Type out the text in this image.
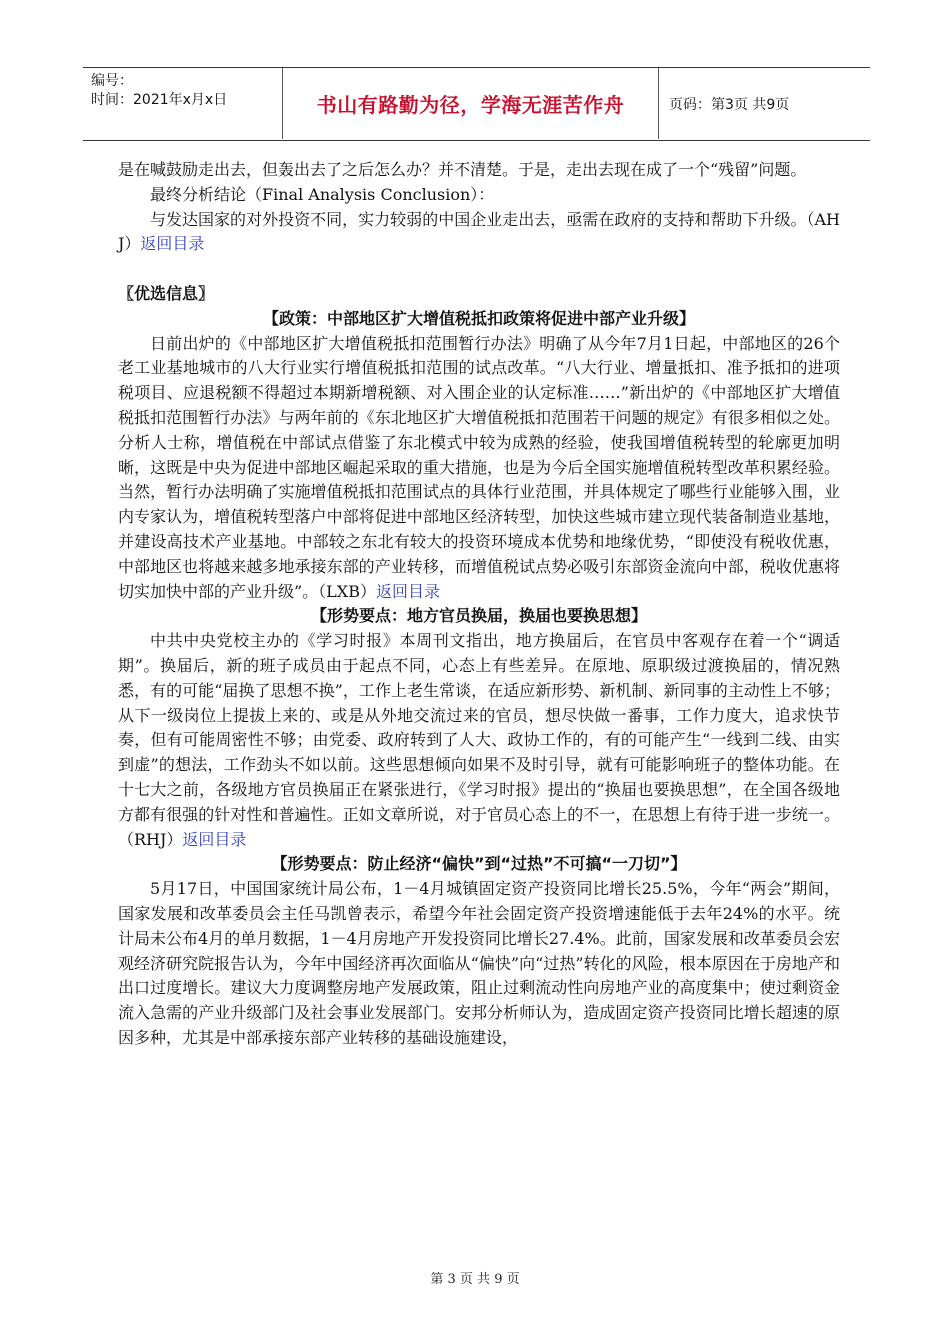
编号：
时间：2021年x月x日	书山有路勤为径，学海无涯苦作舟	页码：第3页 共9页

是在喊鼓励走出去，但轰出去了之后怎么办？并不清楚。于是，走出去现在成了一个“残留”问题。

最终分析结论（Final Analysis Conclusion）：

与发达国家的对外投资不同，实力较弱的中国企业走出去，亟需在政府的支持和帮助下升级。（AHJ）返回目录

〖优选信息〗

【政策：中部地区扩大增值税抵扣政策将促进中部产业升级】

日前出炉的《中部地区扩大增值税抵扣范围暂行办法》明确了从今年7月1日起，中部地区的26个老工业基地城市的八大行业实行增值税抵扣范围的试点改革。“八大行业、增量抵扣、准予抵扣的进项税项目、应退税额不得超过本期新增税额、对入围企业的认定标准……”新出炉的《中部地区扩大增值税抵扣范围暂行办法》与两年前的《东北地区扩大增值税抵扣范围若干问题的规定》有很多相似之处。分析人士称，增值税在中部试点借鉴了东北模式中较为成熟的经验，使我国增值税转型的轮廓更加明晰，这既是中央为促进中部地区崛起采取的重大措施，也是为今后全国实施增值税转型改革积累经验。当然，暂行办法明确了实施增值税抵扣范围试点的具体行业范围，并具体规定了哪些行业能够入围，业内专家认为，增值税转型落户中部将促进中部地区经济转型，加快这些城市建立现代装备制造业基地，并建设高技术产业基地。中部较之东北有较大的投资环境成本优势和地缘优势，“即使没有税收优惠，中部地区也将越来越多地承接东部的产业转移，而增值税试点势必吸引东部资金流向中部，税收优惠将切实加快中部的产业升级”。（LXB）返回目录

【形势要点：地方官员换届，换届也要换思想】

中共中央党校主办的《学习时报》本周刊文指出，地方换届后，在官员中客观存在着一个“调适期”。换届后，新的班子成员由于起点不同，心态上有些差异。在原地、原职级过渡换届的，情况熟悉，有的可能“届换了思想不换”，工作上老生常谈，在适应新形势、新机制、新同事的主动性上不够；从下一级岗位上提拔上来的、或是从外地交流过来的官员，想尽快做一番事，工作力度大，追求快节奏，但有可能周密性不够；由党委、政府转到了人大、政协工作的，有的可能产生“一线到二线、由实到虚”的想法，工作劲头不如以前。这些思想倾向如果不及时引导，就有可能影响班子的整体功能。在十七大之前，各级地方官员换届正在紧张进行，《学习时报》提出的“换届也要换思想”，在全国各级地方都有很强的针对性和普遍性。正如文章所说，对于官员心态上的不一，在思想上有待于进一步统一。（RHJ）返回目录

【形势要点：防止经济“偏快”到“过热”不可搞“一刀切”】

5月17日，中国国家统计局公布，1－4月城镇固定资产投资同比增长25.5%，今年“两会”期间，国家发展和改革委员会主任马凯曾表示，希望今年社会固定资产投资增速能低于去年24%的水平。统计局未公布4月的单月数据，1－4月房地产开发投资同比增长27.4%。此前，国家发展和改革委员会宏观经济研究院报告认为，今年中国经济再次面临从“偏快”向“过热”转化的风险，根本原因在于房地产和出口过度增长。建议大力度调整房地产发展政策，阻止过剩流动性向房地产业的高度集中；使过剩资金流入急需的产业升级部门及社会事业发展部门。安邦分析师认为，造成固定资产投资同比增长超速的原因多种，尤其是中部承接东部产业转移的基础设施建设，

第 3 页 共 9 页
